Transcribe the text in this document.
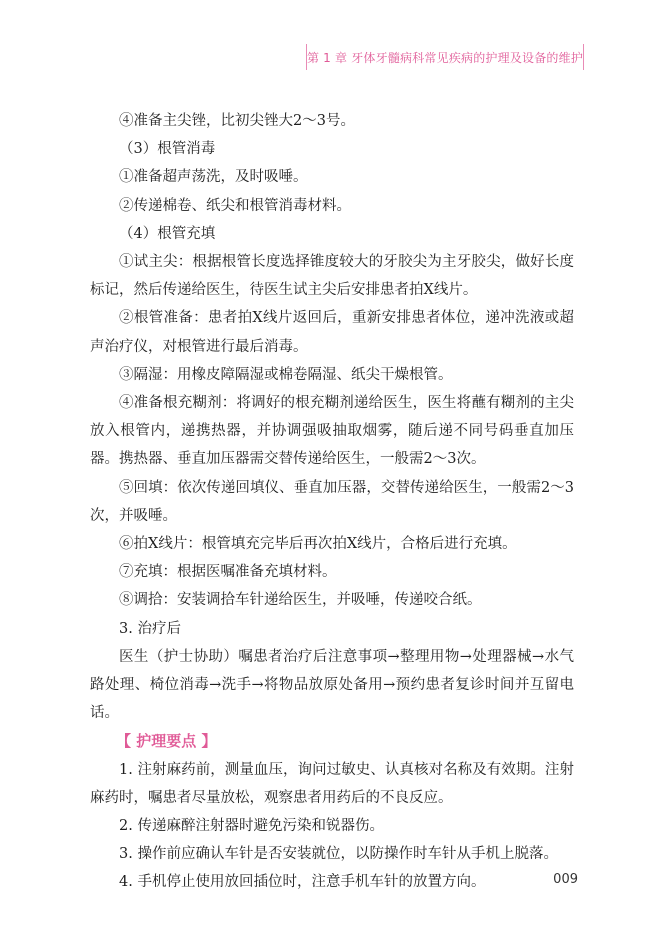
第 1 章 牙体牙髓病科常见疾病的护理及设备的维护

④准备主尖锉，比初尖锉大2～3号。

（3）根管消毒

①准备超声荡洗，及时吸唾。

②传递棉卷、纸尖和根管消毒材料。

（4）根管充填

①试主尖：根据根管长度选择锥度较大的牙胶尖为主牙胶尖，做好长度标记，然后传递给医生，待医生试主尖后安排患者拍X线片。

②根管准备：患者拍X线片返回后，重新安排患者体位，递冲洗液或超声治疗仪，对根管进行最后消毒。

③隔湿：用橡皮障隔湿或棉卷隔湿、纸尖干燥根管。

④准备根充糊剂：将调好的根充糊剂递给医生，医生将蘸有糊剂的主尖放入根管内，递携热器，并协调强吸抽取烟雾，随后递不同号码垂直加压器。携热器、垂直加压器需交替传递给医生，一般需2～3次。

⑤回填：依次传递回填仪、垂直加压器，交替传递给医生，一般需2～3次，并吸唾。

⑥拍X线片：根管填充完毕后再次拍X线片，合格后进行充填。

⑦充填：根据医嘱准备充填材料。

⑧调拾：安装调拾车针递给医生，并吸唾，传递咬合纸。

3. 治疗后

医生（护士协助）嘱患者治疗后注意事项→整理用物→处理器械→水气路处理、椅位消毒→洗手→将物品放原处备用→预约患者复诊时间并互留电话。

【 护理要点 】

1. 注射麻药前，测量血压，询问过敏史、认真核对名称及有效期。注射麻药时，嘱患者尽量放松，观察患者用药后的不良反应。

2. 传递麻醉注射器时避免污染和锐器伤。

3. 操作前应确认车针是否安装就位，以防操作时车针从手机上脱落。

4. 手机停止使用放回插位时，注意手机车针的放置方向。	009
